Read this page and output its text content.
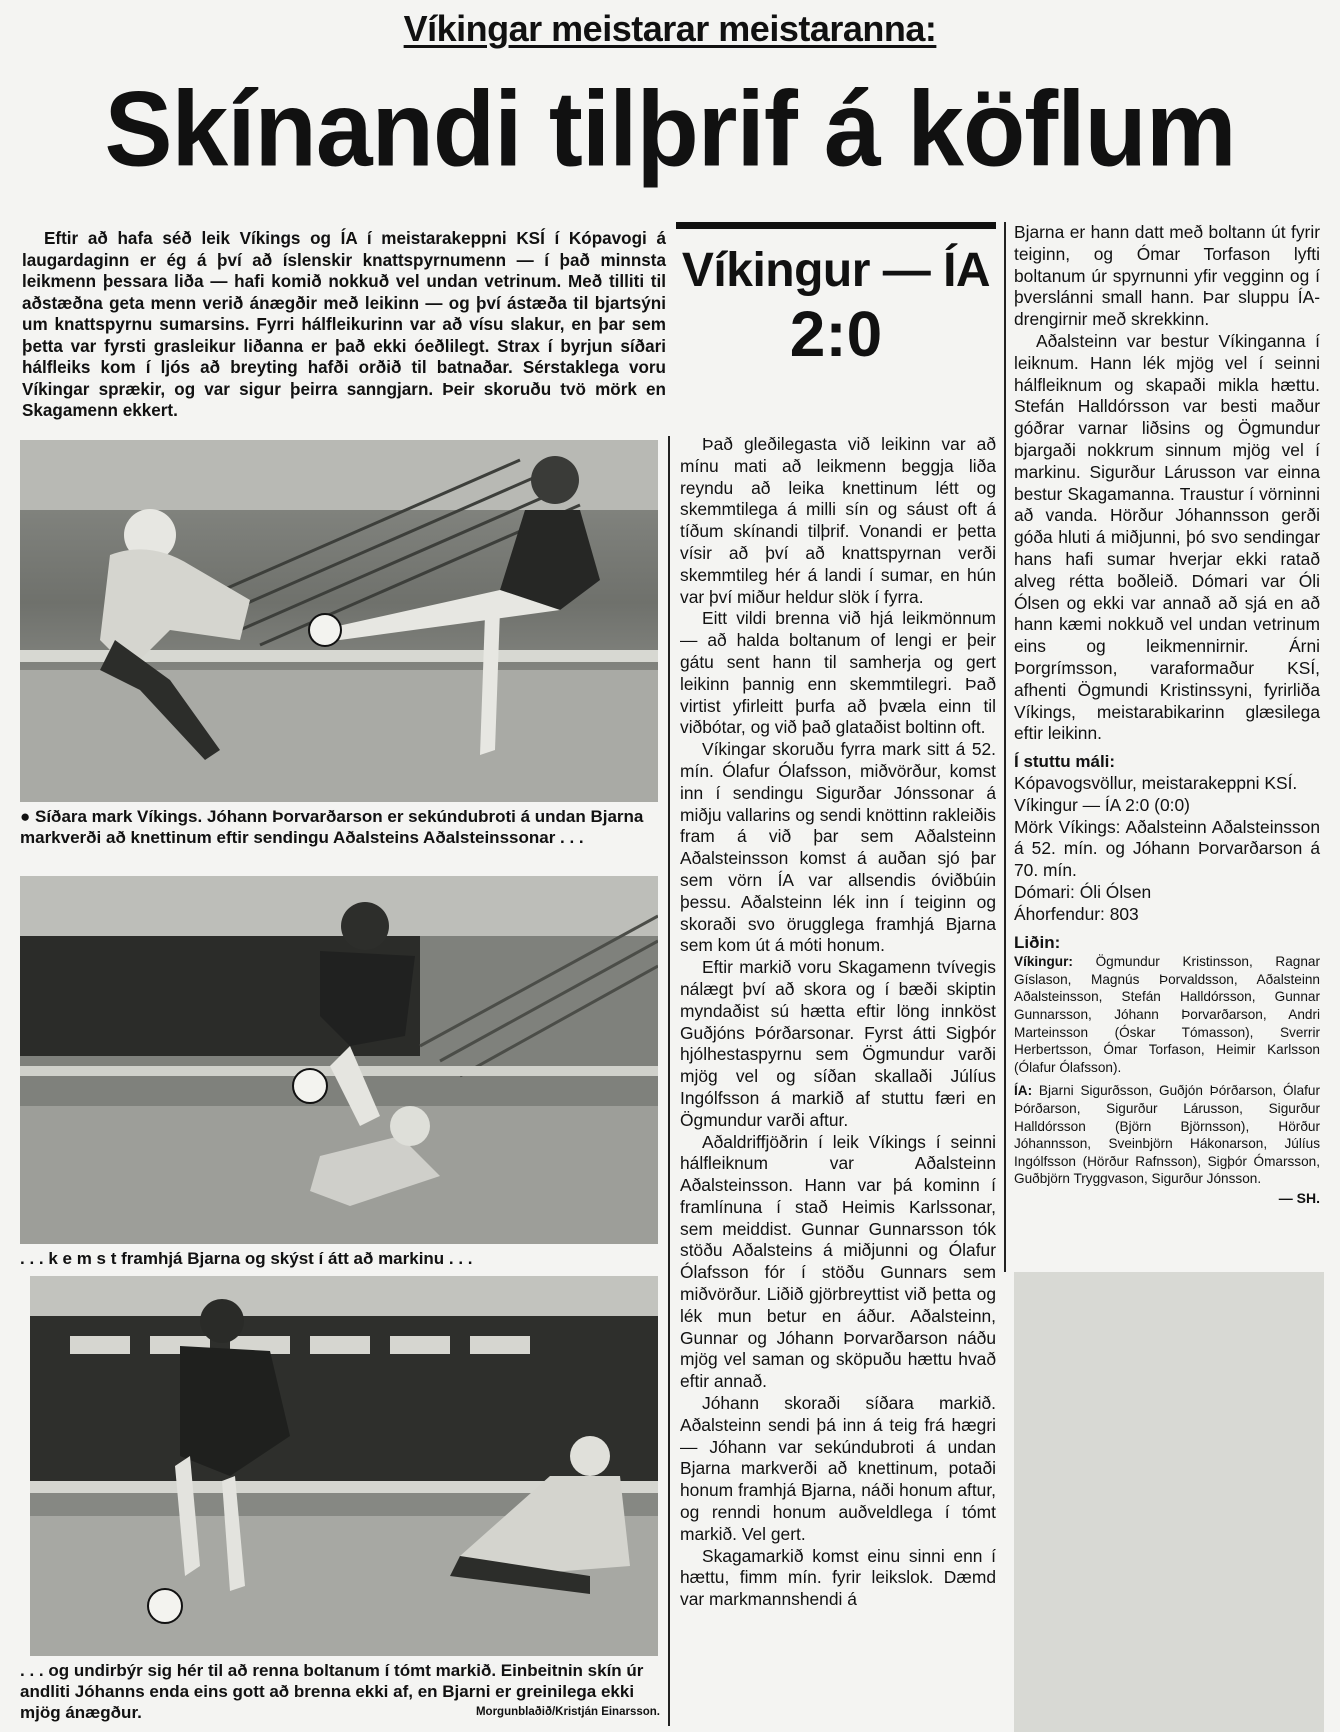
Víkingar meistarar meistaranna:
Skínandi tilþrif á köflum

Eftir að hafa séð leik Víkings og ÍA í meistarakeppni KSÍ í Kópavogi á laugardaginn er ég á því að íslenskir knattspyrnumenn — í það minnsta leikmenn þessara liða — hafi komið nokkuð vel undan vetrinum. Með tilliti til aðstæðna geta menn verið ánægðir með leikinn — og því ástæða til bjartsýni um knattspyrnu sumarsins. Fyrri hálfleikurinn var að vísu slakur, en þar sem þetta var fyrsti grasleikur liðanna er það ekki óeðlilegt. Strax í byrjun síðari hálfleiks kom í ljós að breyting hafði orðið til batnaðar. Sérstaklega voru Víkingar sprækir, og var sigur þeirra sanngjarn. Þeir skoruðu tvö mörk en Skagamenn ekkert.

Víkingur — ÍA
2:0
● Síðara mark Víkings. Jóhann Þorvarðarson er sekúndubroti á undan Bjarna markverði að knettinum eftir sendingu Aðalsteins Aðalsteinssonar . . .
. . . k e m s t framhjá Bjarna og skýst í átt að markinu . . .
. . . og undirbýr sig hér til að renna boltanum í tómt markið. Einbeitnin skín úr andliti Jóhanns enda eins gott að brenna ekki af, en Bjarni er greinilega ekki mjög ánægður.	Morgunblaðið/Kristján Einarsson.

Það gleðilegasta við leikinn var að mínu mati að leikmenn beggja liða reyndu að leika knettinum létt og skemmtilega á milli sín og sáust oft á tíðum skínandi tilþrif. Vonandi er þetta vísir að því að knattspyrnan verði skemmtileg hér á landi í sumar, en hún var því miður heldur slök í fyrra.

Eitt vildi brenna við hjá leikmönnum — að halda boltanum of lengi er þeir gátu sent hann til samherja og gert leikinn þannig enn skemmtilegri. Það virtist yfirleitt þurfa að þvæla einn til viðbótar, og við það glataðist boltinn oft.

Víkingar skoruðu fyrra mark sitt á 52. mín. Ólafur Ólafsson, miðvörður, komst inn í sendingu Sigurðar Jónssonar á miðju vallarins og sendi knöttinn rakleiðis fram á við þar sem Aðalsteinn Aðalsteinsson komst á auðan sjó þar sem vörn ÍA var allsendis óviðbúin þessu. Aðalsteinn lék inn í teiginn og skoraði svo örugglega framhjá Bjarna sem kom út á móti honum.

Eftir markið voru Skagamenn tvívegis nálægt því að skora og í bæði skiptin myndaðist sú hætta eftir löng innköst Guðjóns Þórðarsonar. Fyrst átti Sigþór hjólhestaspyrnu sem Ögmundur varði mjög vel og síðan skallaði Júlíus Ingólfsson á markið af stuttu færi en Ögmundur varði aftur.

Aðaldriffjöðrin í leik Víkings í seinni hálfleiknum var Aðalsteinn Aðalsteinsson. Hann var þá kominn í framlínuna í stað Heimis Karlssonar, sem meiddist. Gunnar Gunnarsson tók stöðu Aðalsteins á miðjunni og Ólafur Ólafsson fór í stöðu Gunnars sem miðvörður. Liðið gjörbreyttist við þetta og lék mun betur en áður. Aðalsteinn, Gunnar og Jóhann Þorvarðarson náðu mjög vel saman og sköpuðu hættu hvað eftir annað.

Jóhann skoraði síðara markið. Aðalsteinn sendi þá inn á teig frá hægri — Jóhann var sekúndubroti á undan Bjarna markverði að knettinum, potaði honum framhjá Bjarna, náði honum aftur, og renndi honum auðveldlega í tómt markið. Vel gert.

Skagamarkið komst einu sinni enn í hættu, fimm mín. fyrir leikslok. Dæmd var markmannshendi á

Bjarna er hann datt með boltann út fyrir teiginn, og Ómar Torfason lyfti boltanum úr spyrnunni yfir vegginn og í þverslánni small hann. Þar sluppu ÍA-drengirnir með skrekkinn.

Aðalsteinn var bestur Víkinganna í leiknum. Hann lék mjög vel í seinni hálfleiknum og skapaði mikla hættu. Stefán Halldórsson var besti maður góðrar varnar liðsins og Ögmundur bjargaði nokkrum sinnum mjög vel í markinu. Sigurður Lárusson var einna bestur Skagamanna. Traustur í vörninni að vanda. Hörður Jóhannsson gerði góða hluti á miðjunni, þó svo sendingar hans hafi sumar hverjar ekki ratað alveg rétta boðleið. Dómari var Óli Ólsen og ekki var annað að sjá en að hann kæmi nokkuð vel undan vetrinum eins og leikmennirnir. Árni Þorgrímsson, varaformaður KSÍ, afhenti Ögmundi Kristinssyni, fyrirliða Víkings, meistarabikarinn glæsilega eftir leikinn.

Í stuttu máli:

Kópavogsvöllur, meistarakeppni KSÍ.

Víkingur — ÍA 2:0 (0:0)

Mörk Víkings: Aðalsteinn Aðalsteinsson á 52. mín. og Jóhann Þorvarðarson á 70. mín.

Dómari: Óli Ólsen

Áhorfendur: 803

Liðin:
Víkingur: Ögmundur Kristinsson, Ragnar Gíslason, Magnús Þorvaldsson, Aðalsteinn Aðalsteinsson, Stefán Halldórsson, Gunnar Gunnarsson, Jóhann Þorvarðarson, Andri Marteinsson (Óskar Tómasson), Sverrir Herbertsson, Ómar Torfason, Heimir Karlsson (Ólafur Ólafsson).
ÍA: Bjarni Sigurðsson, Guðjón Þórðarson, Ólafur Þórðarson, Sigurður Lárusson, Sigurður Halldórsson (Björn Björnsson), Hörður Jóhannsson, Sveinbjörn Hákonarson, Júlíus Ingólfsson (Hörður Rafnsson), Sigþór Ómarsson, Guðbjörn Tryggvason, Sigurður Jónsson.
— SH.
